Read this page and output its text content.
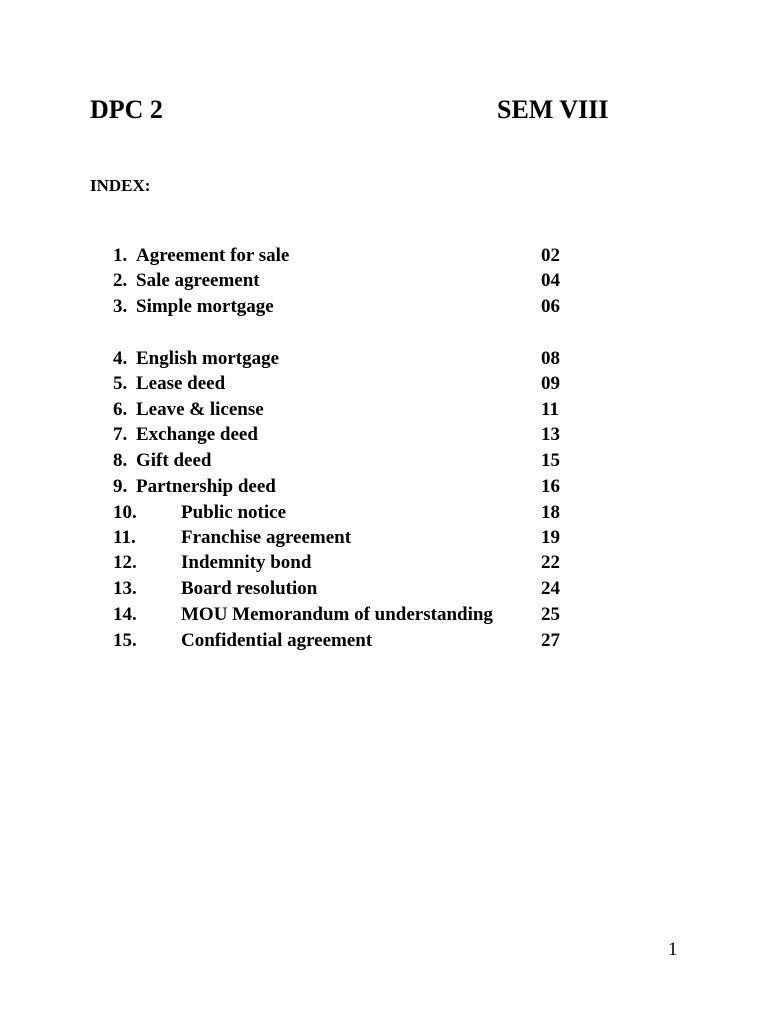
DPC 2	SEM VIII
INDEX:
1. Agreement for sale	02
2. Sale agreement	04
3. Simple mortgage	06
4. English mortgage	08
5. Lease deed	09
6. Leave & license	11
7. Exchange deed	13
8. Gift deed	15
9. Partnership deed	16
10. Public notice	18
11. Franchise agreement	19
12. Indemnity bond	22
13. Board resolution	24
14. MOU Memorandum of understanding	25
15. Confidential agreement	27
1
